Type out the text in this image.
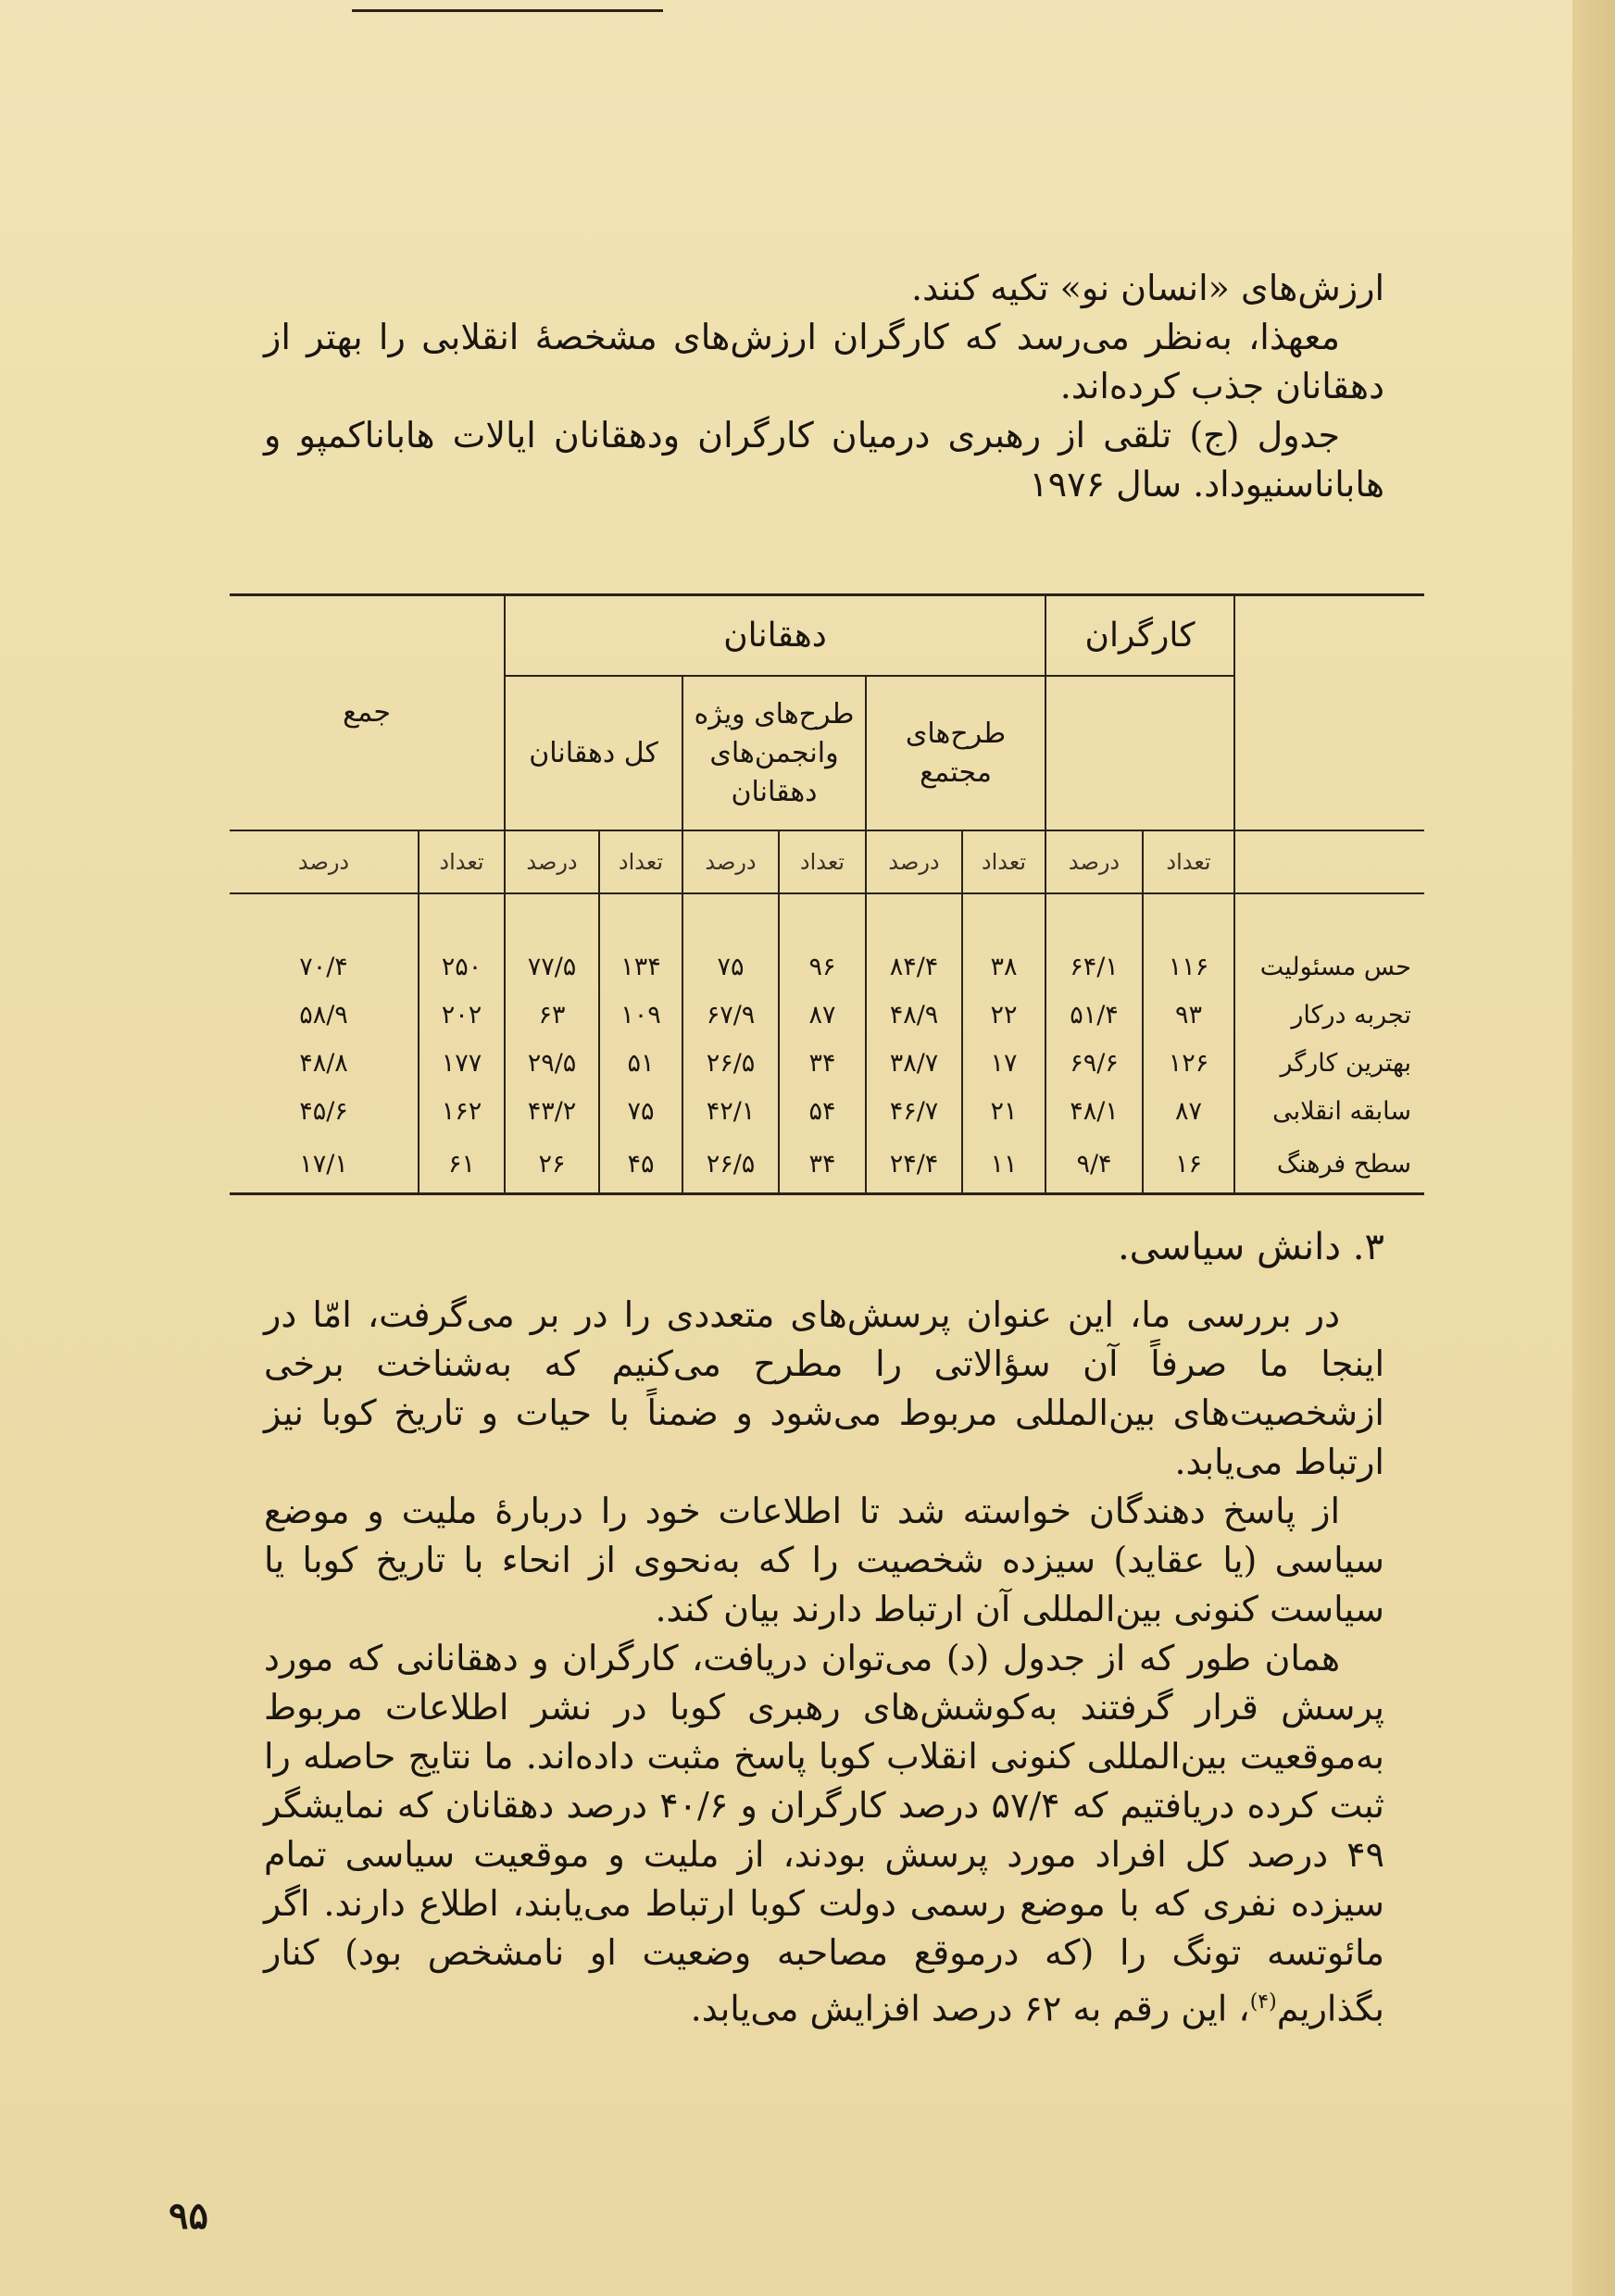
ارزش‌های «انسان نو» تکیه کنند.

معهذا، به‌نظر می‌رسد که کارگران ارزش‌های مشخصهٔ انقلابی را بهتر از دهقانان جذب کرده‌اند.

جدول (ج) تلقی از رهبری درمیان کارگران ودهقانان ایالات هاباناکمپو و هاباناسنیوداد. سال ۱۹۷۶

	کارگران		دهقانان						جمع	
			طرح‌های مجتمع		طرح‌های ویژه وانجمن‌های دهقانان		کل دهقانان			
	تعداد	درصد	تعداد	درصد	تعداد	درصد	تعداد	درصد	تعداد	درصد

حس مسئولیت	۱۱۶	۶۴/۱	۳۸	۸۴/۴	۹۶	۷۵	۱۳۴	۷۷/۵	۲۵۰	۷۰/۴
تجربه درکار	۹۳	۵۱/۴	۲۲	۴۸/۹	۸۷	۶۷/۹	۱۰۹	۶۳	۲۰۲	۵۸/۹
بهترین کارگر	۱۲۶	۶۹/۶	۱۷	۳۸/۷	۳۴	۲۶/۵	۵۱	۲۹/۵	۱۷۷	۴۸/۸
سابقه انقلابی	۸۷	۴۸/۱	۲۱	۴۶/۷	۵۴	۴۲/۱	۷۵	۴۳/۲	۱۶۲	۴۵/۶
سطح فرهنگ	۱۶	۹/۴	۱۱	۲۴/۴	۳۴	۲۶/۵	۴۵	۲۶	۶۱	۱۷/۱
۳. دانش سیاسی.

در بررسی ما، این عنوان پرسش‌های متعددی را در بر می‌گرفت، امّا در اینجا ما صرفاً آن سؤالاتی را مطرح می‌کنیم که به‌شناخت برخی ازشخصیت‌های بین‌المللی مربوط می‌شود و ضمناً با حیات و تاریخ کوبا نیز ارتباط می‌یابد.

از پاسخ دهندگان خواسته شد تا اطلاعات خود را دربارهٔ ملیت و موضع سیاسی (یا عقاید) سیزده شخصیت را که به‌نحوی از انحاء با تاریخ کوبا یا سیاست کنونی بین‌المللی آن ارتباط دارند بیان کند.

همان طور که از جدول (د) می‌توان دریافت، کارگران و دهقانانی که مورد پرسش قرار گرفتند به‌کوشش‌های رهبری کوبا در نشر اطلاعات مربوط به‌موقعیت بین‌المللی کنونی انقلاب کوبا پاسخ مثبت داده‌اند. ما نتایج حاصله را ثبت کرده دریافتیم که ۵۷/۴ درصد کارگران و ۴۰/۶ درصد دهقانان که نمایشگر ۴۹ درصد کل افراد مورد پرسش بودند، از ملیت و موقعیت سیاسی تمام سیزده نفری که با موضع رسمی دولت کوبا ارتباط می‌یابند، اطلاع دارند. اگر مائوتسه تونگ را (که درموقع مصاحبه وضعیت او نامشخص بود) کنار بگذاریم$^{(۴)}$، این رقم به ۶۲ درصد افزایش می‌یابد.

۹۵
